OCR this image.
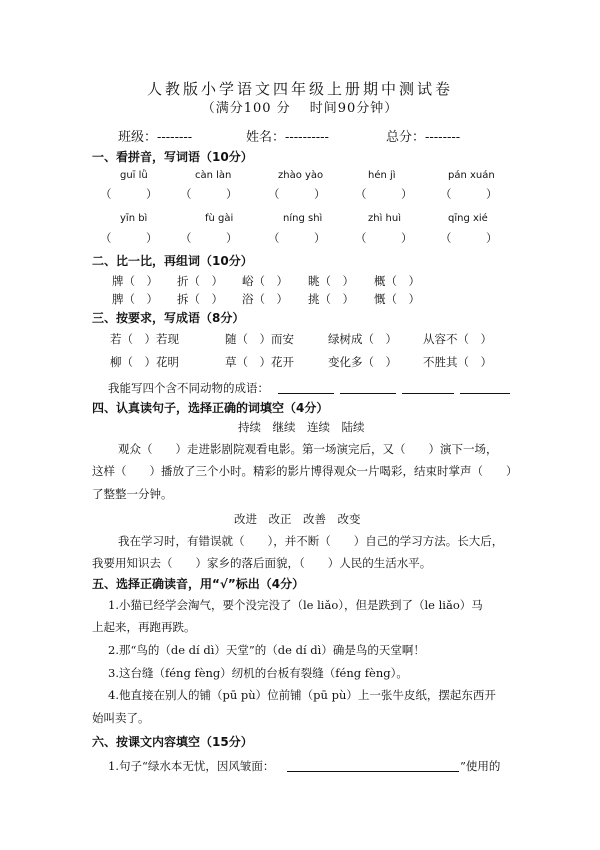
人教版小学语文四年级上册期中测试卷
（满分100 分　 时间90分钟）
班级：--------	姓名：----------	总分：--------
一、看拼音，写词语（10分）
guī lǜ	càn làn	zhào yào	hén jì	pán xuán
（　　　） （　　　）	（　　　）	（　　　） （　　　）
yīn bì	fù gài	níng shì	zhì huì	qīng xié
（　　　） （　　　）	（　　　）	（　　　） （　　　）
二、比一比，再组词（10分）
牌（　） 折（　） 峪（　） 眺（　） 概（　）
脾（　） 拆（　） 浴（　） 挑（　） 慨（　）
三、按要求，写成语（8分）
若（　）若现	随（　）而安	绿树成（　） 从容不（　）
柳（　）花明	草（　）花开	变化多（　） 不胜其（　）
我能写四个含不同动物的成语：
四、认真读句子，选择正确的词填空（4分）
持续　继续　连续　陆续
观众（　　）走进影剧院观看电影。第一场演完后，又（　　）演下一场，
这样（　　）播放了三个小时。精彩的影片博得观众一片喝彩，结束时掌声（　　）
了整整一分钟。
改进　改正　改善　改变
我在学习时，有错误就（　　），并不断（　　）自己的学习方法。长大后，
我要用知识去（　　）家乡的落后面貌，（　　）人民的生活水平。
五、选择正确读音，用“√”标出（4分）
1.小猫已经学会淘气，要个没完没了（le liǎo），但是跌到了（le liǎo）马
上起来，再跑再跌。
2.那“鸟的（de dí dì）天堂”的（de dí dì）确是鸟的天堂啊！
3.这台缝（féng fèng）纫机的台板有裂缝（féng fèng）。
4.他直接在别人的铺（pū pù）位前铺（pū pù）上一张牛皮纸，摆起东西开
始叫卖了。
六、按课文内容填空（15分）
1.句子“绿水本无忧，因风皱面：	”使用的
